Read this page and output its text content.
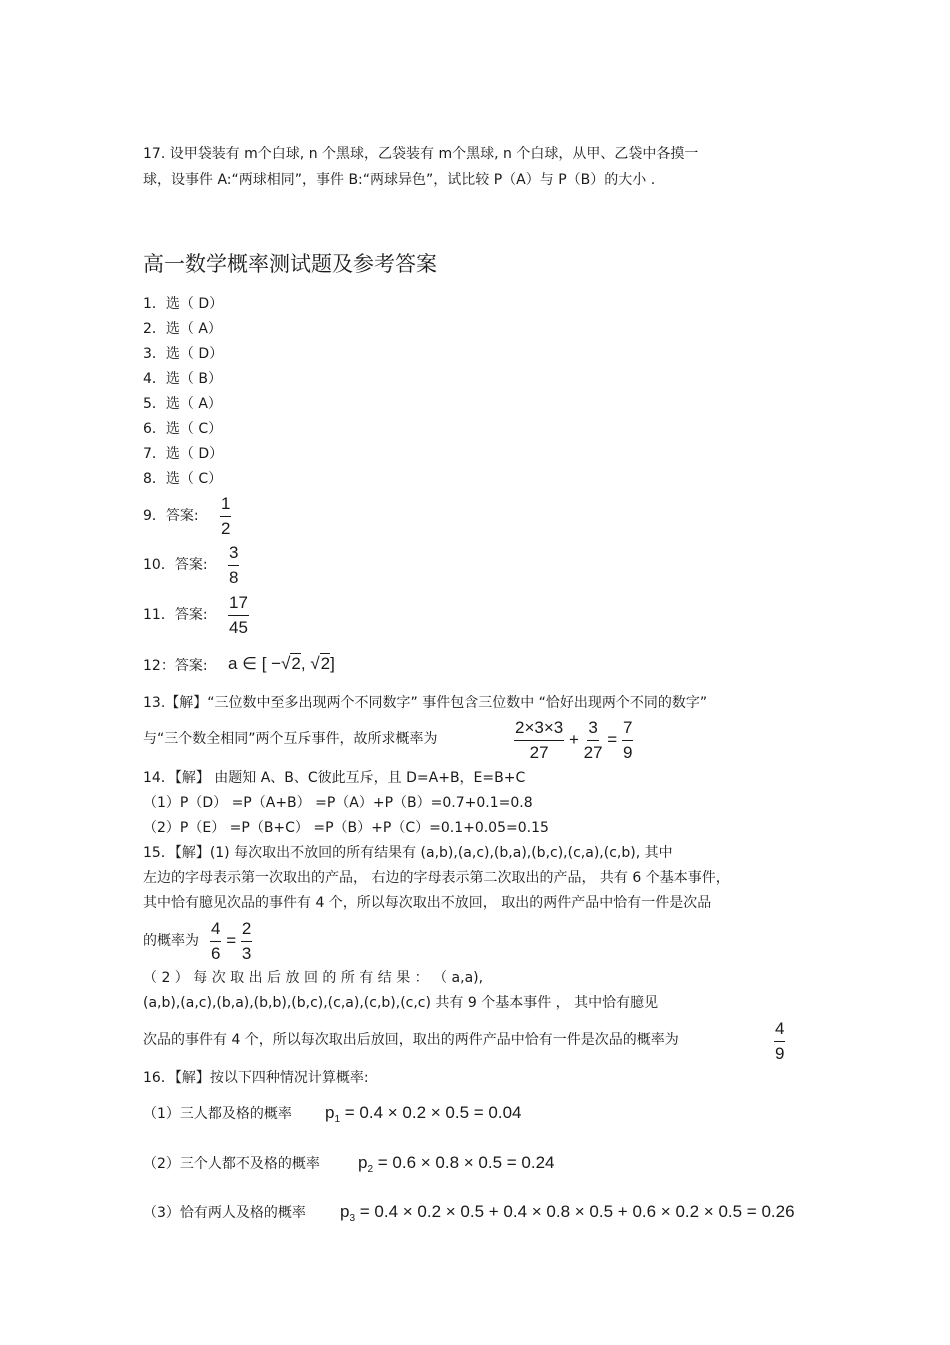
17. 设甲袋装有 m个白球, n 个黑球，乙袋装有 m个黑球, n 个白球，从甲、乙袋中各摸一
球，设事件 A:“两球相同”，事件 B:“两球异色”，试比较 P（A）与 P（B）的大小 .
高一数学概率测试题及参考答案
1．选（ D）
2．选（ A）
3．选（ D）
4．选（ B）
5．选（ A）
6．选（ C）
7．选（ D）
8．选（ C）
9．答案: $\frac{1}{2}$
10．答案: $\frac{3}{8}$
11．答案: $\frac{17}{45}$
12：答案: a ∈ [ −√2, √2]
13.【解】“三位数中至多出现两个不同数字” 事件包含三位数中 “恰好出现两个不同的数字”
与“三个数全相同”两个互斥事件，故所求概率为	$\frac{2\times 3\times 3}{27} + \frac{3}{27} = \frac{7}{9}$
14．【解】 由题知 A、B、C彼此互斥，且 D=A+B，E=B+C
（1）P（D） =P（A+B） =P（A）+P（B）=0.7+0.1=0.8
（2）P（E） =P（B+C） =P（B）+P（C）=0.1+0.05=0.15
15．【解】(1) 每次取出不放回的所有结果有 (a,b),(a,c),(b,a),(b,c),(c,a),(c,b), 其中
左边的字母表示第一次取出的产品， 右边的字母表示第二次取出的产品， 共有 6 个基本事件，
其中恰有臆见次品的事件有 4 个，所以每次取出不放回， 取出的两件产品中恰有一件是次品
的概率为 $\frac{4}{6} = \frac{2}{3}$
（ 2 ） 每 次 取 出 后 放 回 的 所 有 结 果 ： （ a,a),
(a,b),(a,c),(b,a),(b,b),(b,c),(c,a),(c,b),(c,c) 共有 9 个基本事件 ， 其中恰有臆见
次品的事件有 4 个，所以每次取出后放回，取出的两件产品中恰有一件是次品的概率为	$\frac{4}{9}$
16．【解】按以下四种情况计算概率:
（1）三人都及格的概率 $p_1 = 0.4 \times 0.2 \times 0.5 = 0.04$
（2）三个人都不及格的概率 $p_2 = 0.6 \times 0.8 \times 0.5 = 0.24$
（3）恰有两人及格的概率 $p_3 = 0.4 \times 0.2 \times 0.5 + 0.4 \times 0.8 \times 0.5 + 0.6 \times 0.2 \times 0.5 = 0.26$
